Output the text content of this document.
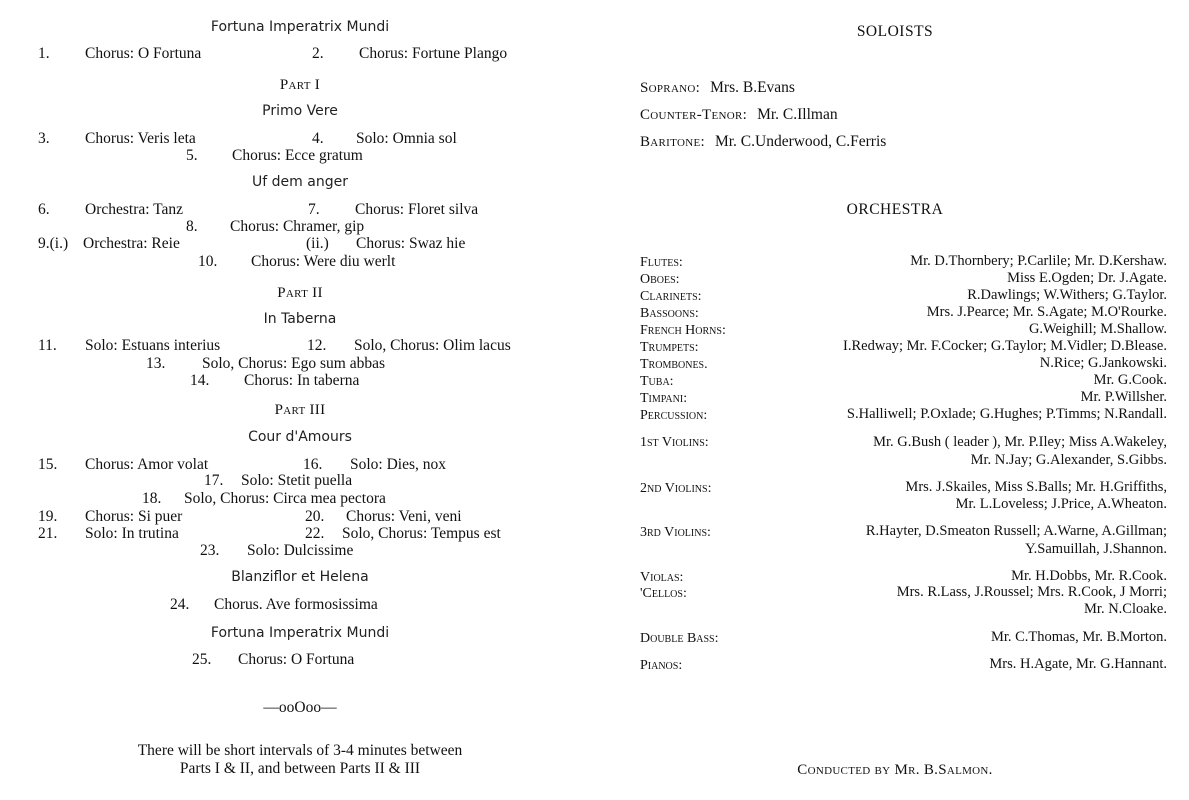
Fortuna Imperatrix Mundi
1. Chorus: O Fortuna	2. Chorus: Fortune Plango
Part I
Primo Vere
3. Chorus: Veris leta	4. Solo: Omnia sol
5. Chorus: Ecce gratum
Uf dem anger
6. Orchestra: Tanz	7. Chorus: Floret silva
8. Chorus: Chramer, gip
9.(i.) Orchestra: Reie	(ii.) Chorus: Swaz hie
10. Chorus: Were diu werlt
Part II
In Taberna
11. Solo: Estuans interius	12. Solo, Chorus: Olim lacus
13. Solo, Chorus: Ego sum abbas
14. Chorus: In taberna
Part III
Cour d'Amours
15. Chorus: Amor volat	16. Solo: Dies, nox
17. Solo: Stetit puella
18. Solo, Chorus: Circa mea pectora
19. Chorus: Si puer	20. Chorus: Veni, veni
21. Solo: In trutina	22. Solo, Chorus: Tempus est
23. Solo: Dulcissime
Blanziflor et Helena
24. Chorus. Ave formosissima
Fortuna Imperatrix Mundi
25. Chorus: O Fortuna
—ooOoo—
There will be short intervals of 3-4 minutes between
Parts I & II, and between Parts II & III
SOLOISTS
Soprano: Mrs. B.Evans
Counter-Tenor: Mr. C.Illman
Baritone: Mr. C.Underwood, C.Ferris
ORCHESTRA
Flutes:	Mr. D.Thornbery; P.Carlile; Mr. D.Kershaw.
Oboes:	Miss E.Ogden; Dr. J.Agate.
Clarinets:	R.Dawlings; W.Withers; G.Taylor.
Bassoons:	Mrs. J.Pearce; Mr. S.Agate; M.O'Rourke.
French Horns:	G.Weighill; M.Shallow.
Trumpets:	I.Redway; Mr. F.Cocker; G.Taylor; M.Vidler; D.Blease.
Trombones.	N.Rice; G.Jankowski.
Tuba:	Mr. G.Cook.
Timpani:	Mr. P.Willsher.
Percussion:	S.Halliwell; P.Oxlade; G.Hughes; P.Timms; N.Randall.
1st Violins:	Mr. G.Bush ( leader ), Mr. P.Iley; Miss A.Wakeley,
Mr. N.Jay; G.Alexander, S.Gibbs.
2nd Violins:	Mrs. J.Skailes, Miss S.Balls; Mr. H.Griffiths,
Mr. L.Loveless; J.Price, A.Wheaton.
3rd Violins:	R.Hayter, D.Smeaton Russell; A.Warne, A.Gillman;
Y.Samuillah, J.Shannon.
Violas:	Mr. H.Dobbs, Mr. R.Cook.
'Cellos:	Mrs. R.Lass, J.Roussel; Mrs. R.Cook, J Morri;
Mr. N.Cloake.
Double Bass:	Mr. C.Thomas, Mr. B.Morton.
Pianos:	Mrs. H.Agate, Mr. G.Hannant.
Conducted by Mr. B.Salmon.
